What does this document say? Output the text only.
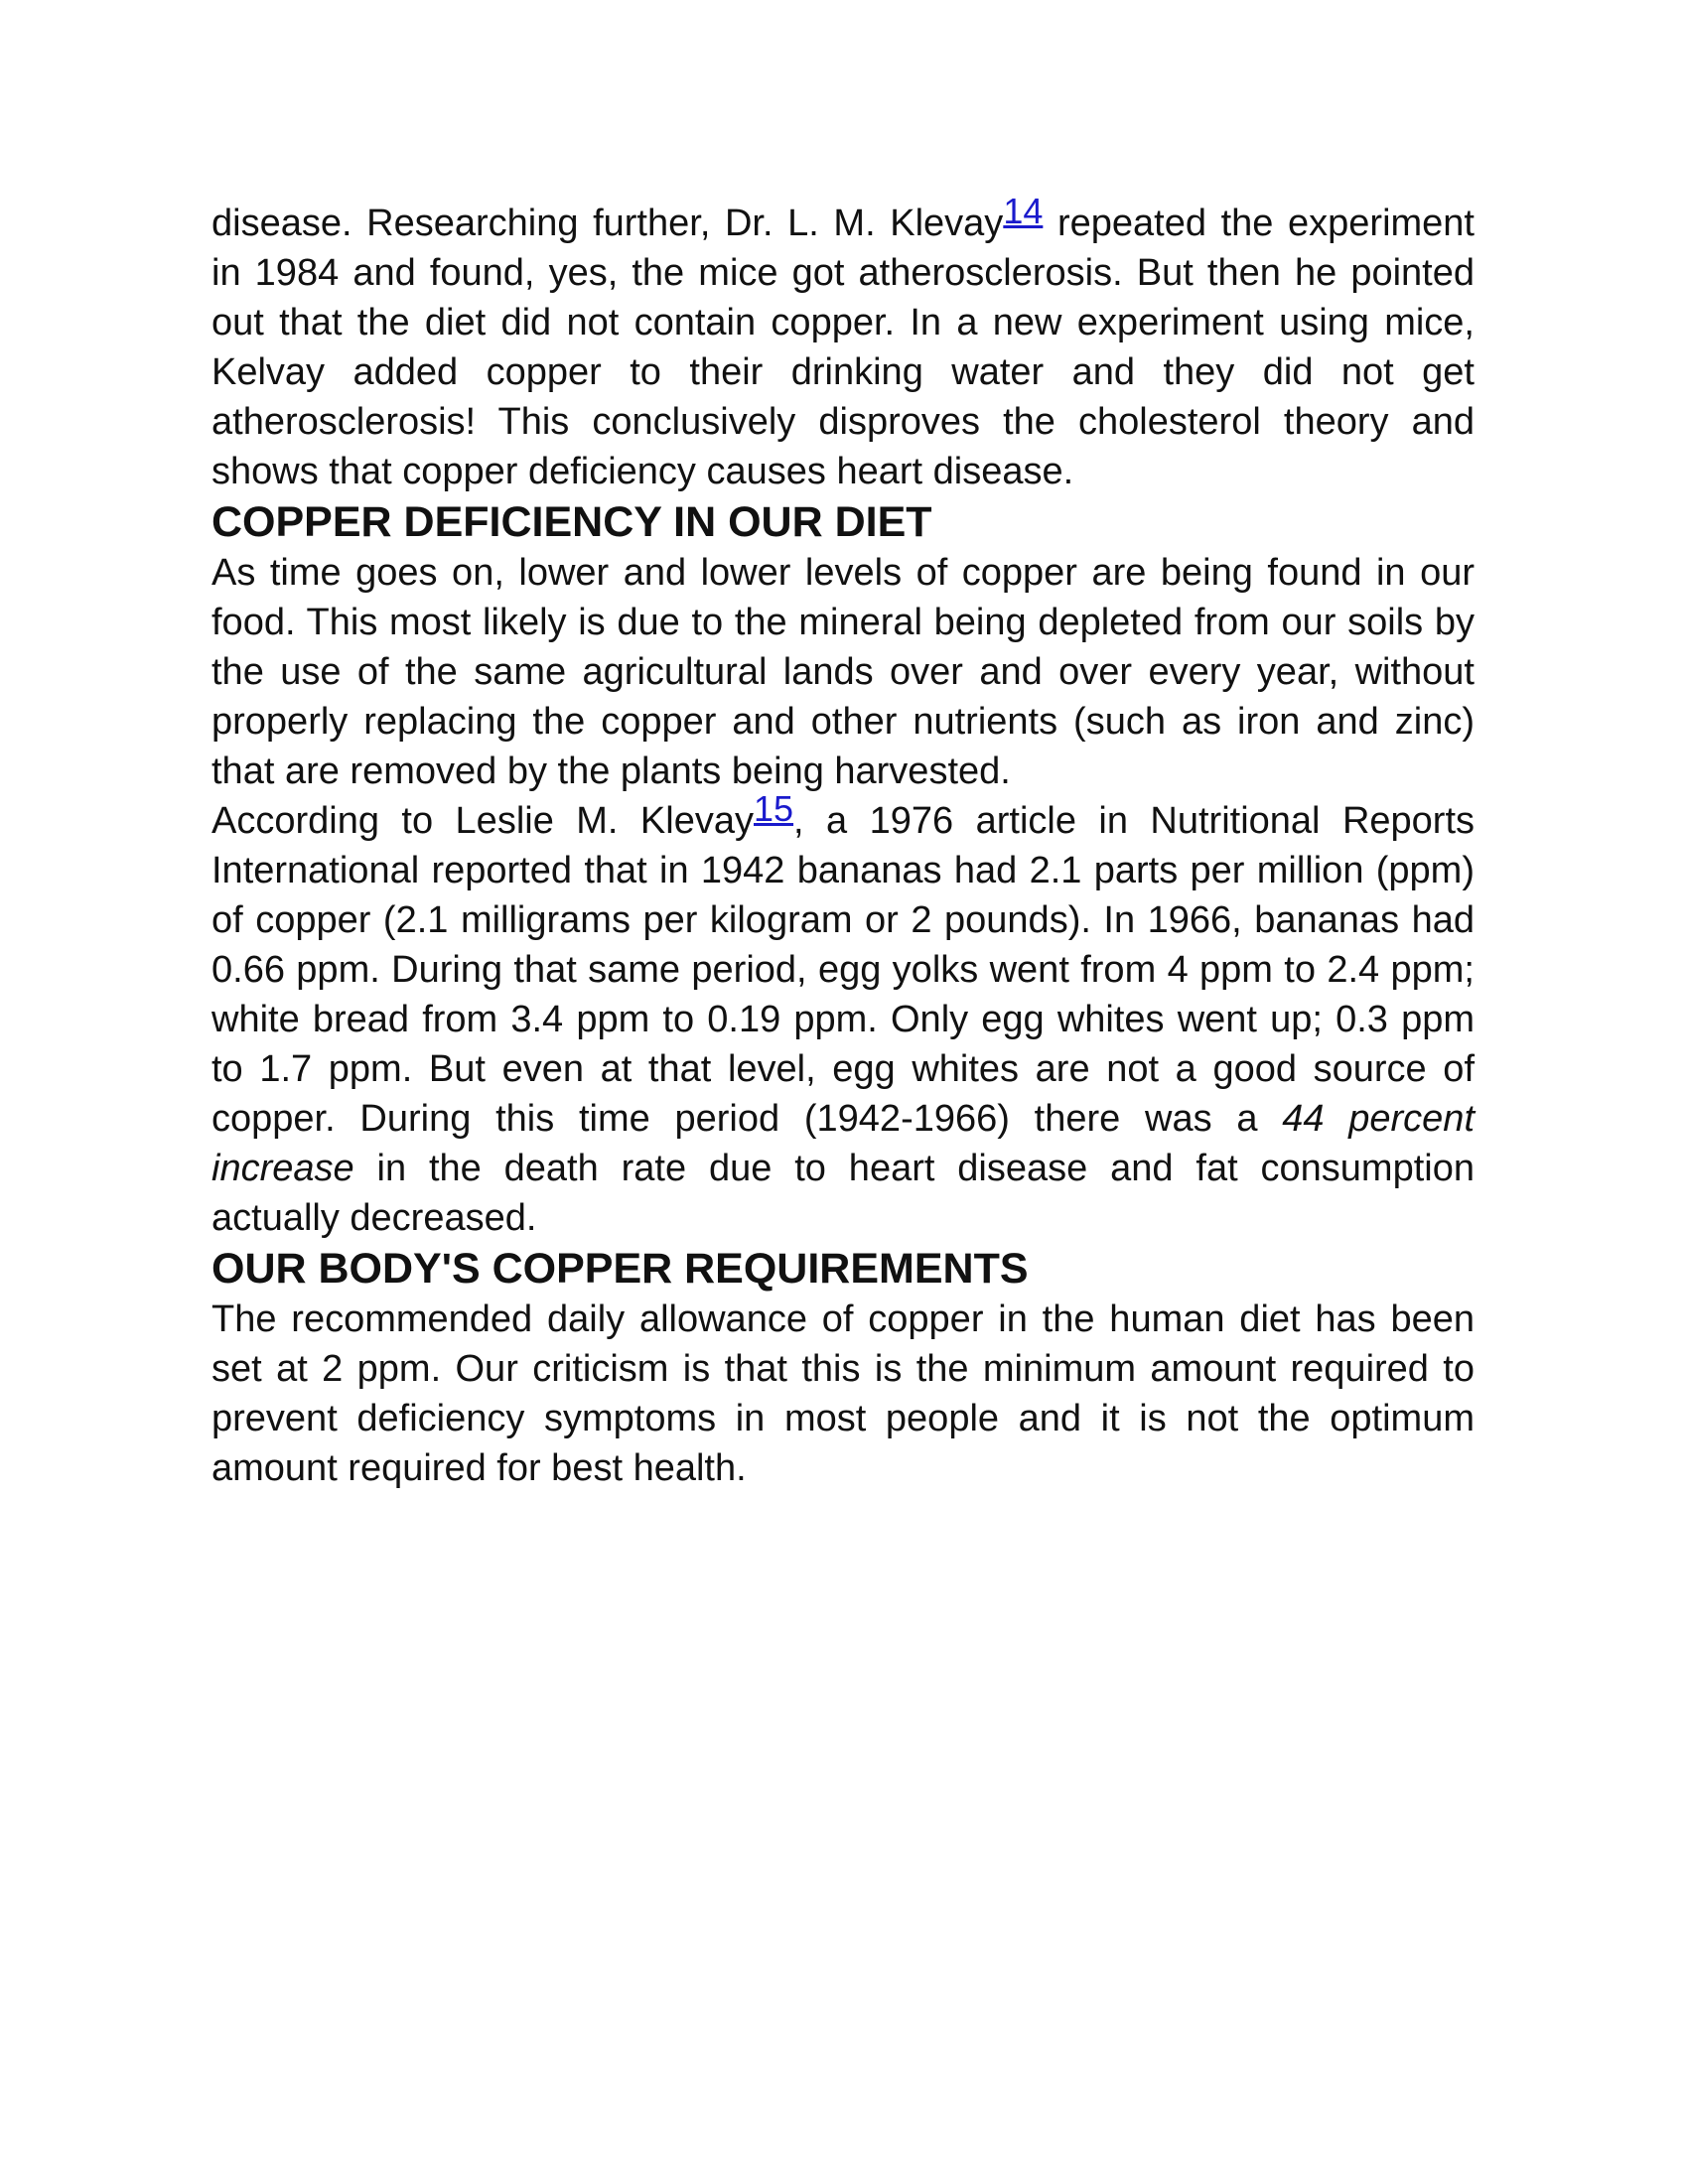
disease. Researching further, Dr. L. M. Klevay14 repeated the experiment in 1984 and found, yes, the mice got atherosclerosis. But then he pointed out that the diet did not contain copper. In a new experiment using mice, Kelvay added copper to their drinking water and they did not get atherosclerosis! This conclusively disproves the cholesterol theory and shows that copper deficiency causes heart disease.

COPPER DEFICIENCY IN OUR DIET

As time goes on, lower and lower levels of copper are being found in our food. This most likely is due to the mineral being depleted from our soils by the use of the same agricultural lands over and over every year, without properly replacing the copper and other nutrients (such as iron and zinc) that are removed by the plants being harvested.

According to Leslie M. Klevay15, a 1976 article in Nutritional Reports International reported that in 1942 bananas had 2.1 parts per million (ppm) of copper (2.1 milligrams per kilogram or 2 pounds). In 1966, bananas had 0.66 ppm. During that same period, egg yolks went from 4 ppm to 2.4 ppm; white bread from 3.4 ppm to 0.19 ppm. Only egg whites went up; 0.3 ppm to 1.7 ppm. But even at that level, egg whites are not a good source of copper. During this time period (1942-1966) there was a 44 percent increase in the death rate due to heart disease and fat consumption actually decreased.

OUR BODY'S COPPER REQUIREMENTS

The recommended daily allowance of copper in the human diet has been set at 2 ppm. Our criticism is that this is the minimum amount required to prevent deficiency symptoms in most people and it is not the optimum amount required for best health.
